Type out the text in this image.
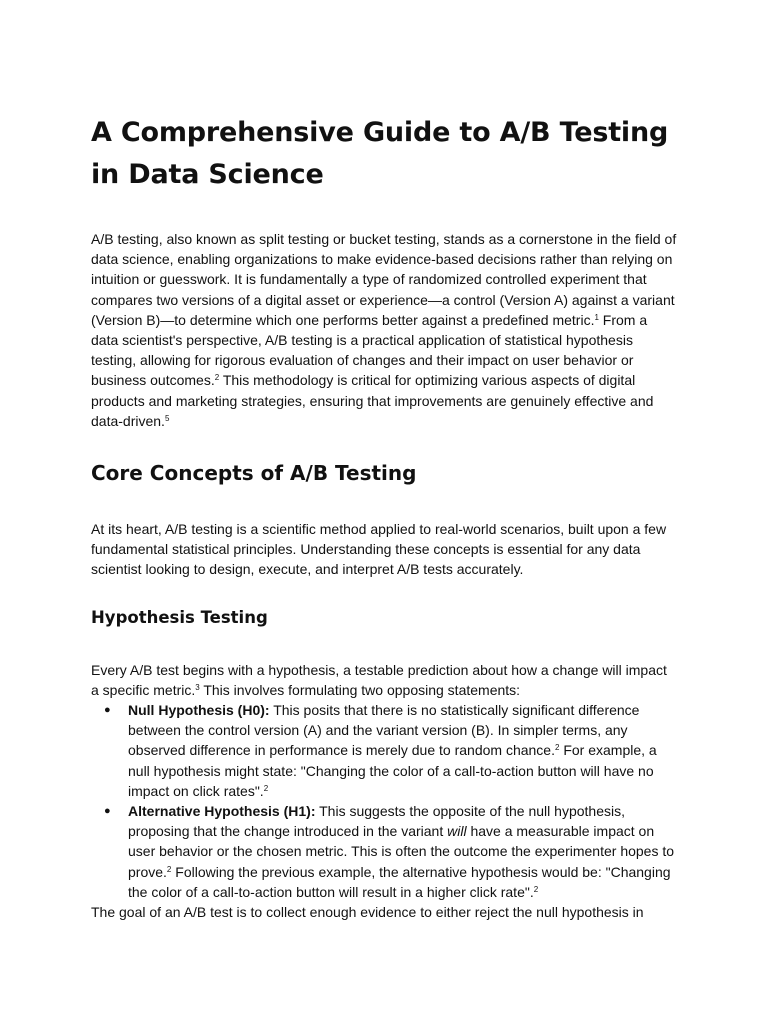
A Comprehensive Guide to A/B Testing in Data Science

A/B testing, also known as split testing or bucket testing, stands as a cornerstone in the field of data science, enabling organizations to make evidence-based decisions rather than relying on intuition or guesswork. It is fundamentally a type of randomized controlled experiment that compares two versions of a digital asset or experience—a control (Version A) against a variant (Version B)—to determine which one performs better against a predefined metric.$^1$ From a data scientist's perspective, A/B testing is a practical application of statistical hypothesis testing, allowing for rigorous evaluation of changes and their impact on user behavior or business outcomes.$^2$ This methodology is critical for optimizing various aspects of digital products and marketing strategies, ensuring that improvements are genuinely effective and data-driven.$^5$

Core Concepts of A/B Testing

At its heart, A/B testing is a scientific method applied to real-world scenarios, built upon a few fundamental statistical principles. Understanding these concepts is essential for any data scientist looking to design, execute, and interpret A/B tests accurately.

Hypothesis Testing

Every A/B test begins with a hypothesis, a testable prediction about how a change will impact a specific metric.$^3$ This involves formulating two opposing statements:

● Null Hypothesis (H0): This posits that there is no statistically significant difference between the control version (A) and the variant version (B). In simpler terms, any observed difference in performance is merely due to random chance.$^2$ For example, a null hypothesis might state: "Changing the color of a call-to-action button will have no impact on click rates".$^2$
● Alternative Hypothesis (H1): This suggests the opposite of the null hypothesis, proposing that the change introduced in the variant will have a measurable impact on user behavior or the chosen metric. This is often the outcome the experimenter hopes to prove.$^2$ Following the previous example, the alternative hypothesis would be: "Changing the color of a call-to-action button will result in a higher click rate".$^2$

The goal of an A/B test is to collect enough evidence to either reject the null hypothesis in
